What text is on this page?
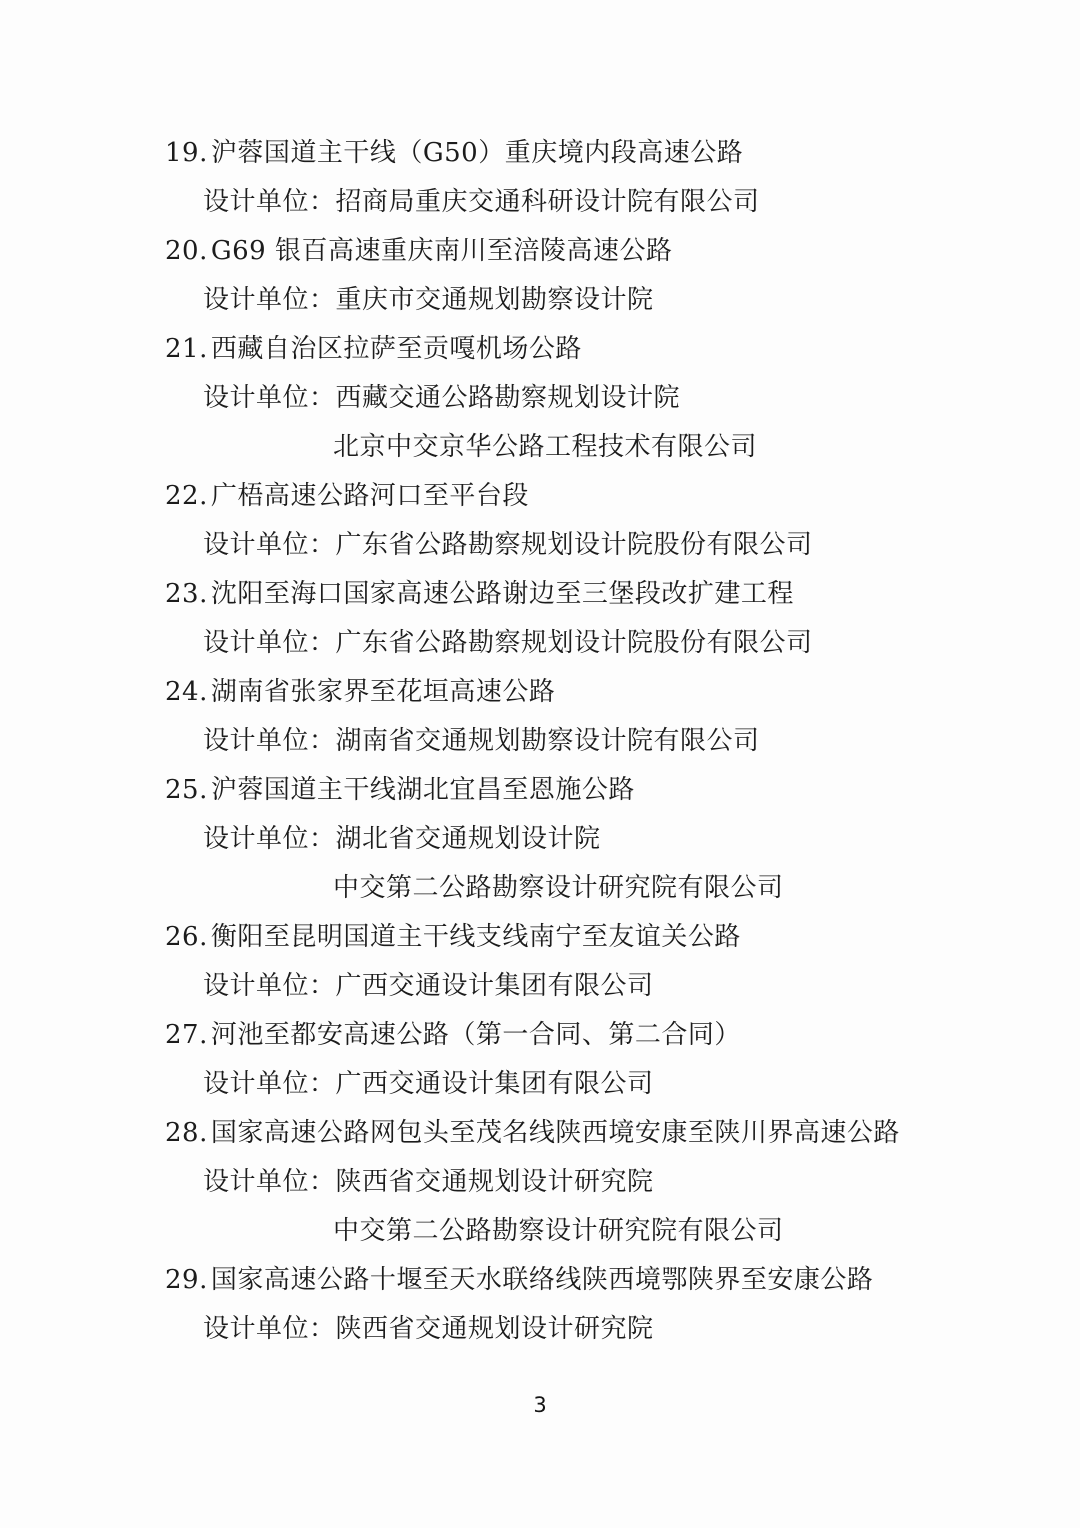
19. 沪蓉国道主干线（G50）重庆境内段高速公路
设计单位：招商局重庆交通科研设计院有限公司
20. G69 银百高速重庆南川至涪陵高速公路
设计单位：重庆市交通规划勘察设计院
21. 西藏自治区拉萨至贡嘎机场公路
设计单位：西藏交通公路勘察规划设计院
北京中交京华公路工程技术有限公司
22. 广梧高速公路河口至平台段
设计单位：广东省公路勘察规划设计院股份有限公司
23. 沈阳至海口国家高速公路谢边至三堡段改扩建工程
设计单位：广东省公路勘察规划设计院股份有限公司
24. 湖南省张家界至花垣高速公路
设计单位：湖南省交通规划勘察设计院有限公司
25. 沪蓉国道主干线湖北宜昌至恩施公路
设计单位：湖北省交通规划设计院
中交第二公路勘察设计研究院有限公司
26. 衡阳至昆明国道主干线支线南宁至友谊关公路
设计单位：广西交通设计集团有限公司
27. 河池至都安高速公路（第一合同、第二合同）
设计单位：广西交通设计集团有限公司
28. 国家高速公路网包头至茂名线陕西境安康至陕川界高速公路
设计单位：陕西省交通规划设计研究院
中交第二公路勘察设计研究院有限公司
29. 国家高速公路十堰至天水联络线陕西境鄂陕界至安康公路
设计单位：陕西省交通规划设计研究院
3
